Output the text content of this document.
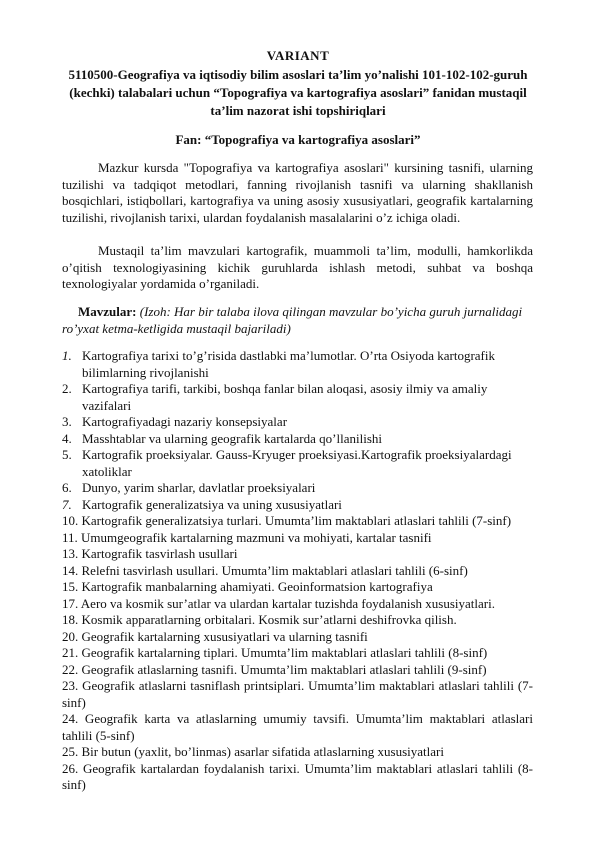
VARIANT
5110500-Geografiya va iqtisodiy bilim asoslari ta’lim yo’nalishi 101-102-102-guruh (kechki) talabalari uchun “Topografiya va kartografiya asoslari” fanidan mustaqil ta’lim nazorat ishi topshiriqlari
Fan: “Topografiya va kartografiya asoslari”

Mazkur kursda "Topografiya va kartografiya asoslari" kursining tasnifi, ularning tuzilishi va tadqiqot metodlari, fanning rivojlanish tasnifi va ularning shakllanish bosqichlari, istiqbollari, kartografiya va uning asosiy xususiyatlari, geografik kartalarning tuzilishi, rivojlanish tarixi, ulardan foydalanish masalalarini o’z ichiga oladi.

Mustaqil ta’lim mavzulari kartografik, muammoli ta’lim, modulli, hamkorlikda o’qitish texnologiyasining kichik guruhlarda ishlash metodi, suhbat va boshqa texnologiyalar yordamida o’rganiladi.

Mavzular: (Izoh: Har bir talaba ilova qilingan mavzular bo’yicha guruh jurnalidagi ro’yxat ketma-ketligida mustaqil bajariladi)

1. Kartografiya tarixi to’g’risida dastlabki ma’lumotlar. O’rta Osiyoda kartografik bilimlarning rivojlanishi
2. Kartografiya tarifi, tarkibi, boshqa fanlar bilan aloqasi, asosiy ilmiy va amaliy vazifalari
3. Kartografiyadagi nazariy konsepsiyalar
4. Masshtablar va ularning geografik kartalarda qo’llanilishi
5. Kartografik proeksiyalar. Gauss-Kryuger proeksiyasi.Kartografik proeksiyalardagi xatoliklar
6. Dunyo, yarim sharlar, davlatlar proeksiyalari
7. Kartografik generalizatsiya va uning xususiyatlari

10. Kartografik generalizatsiya turlari. Umumta’lim maktablari atlaslari tahlili (7-sinf)

11. Umumgeografik kartalarning mazmuni va mohiyati, kartalar tasnifi

13. Kartografik tasvirlash usullari

14. Relefni tasvirlash usullari. Umumta’lim maktablari atlaslari tahlili (6-sinf)

15. Kartografik manbalarning ahamiyati. Geoinformatsion kartografiya

17. Aero va kosmik sur’atlar va ulardan kartalar tuzishda foydalanish xususiyatlari.

18. Kosmik apparatlarning orbitalari. Kosmik sur’atlarni deshifrovka qilish.

20. Geografik kartalarning xususiyatlari va ularning tasnifi

21. Geografik kartalarning tiplari. Umumta’lim maktablari atlaslari tahlili (8-sinf)

22. Geografik atlaslarning tasnifi. Umumta’lim maktablari atlaslari tahlili (9-sinf)

23. Geografik atlaslarni tasniflash printsiplari. Umumta’lim maktablari atlaslari tahlili (7-sinf)

24. Geografik karta va atlaslarning umumiy tavsifi. Umumta’lim maktablari atlaslari tahlili (5-sinf)

25. Bir butun (yaxlit, bo’linmas) asarlar sifatida atlaslarning xususiyatlari

26. Geografik kartalardan foydalanish tarixi. Umumta’lim maktablari atlaslari tahlili (8-sinf)
